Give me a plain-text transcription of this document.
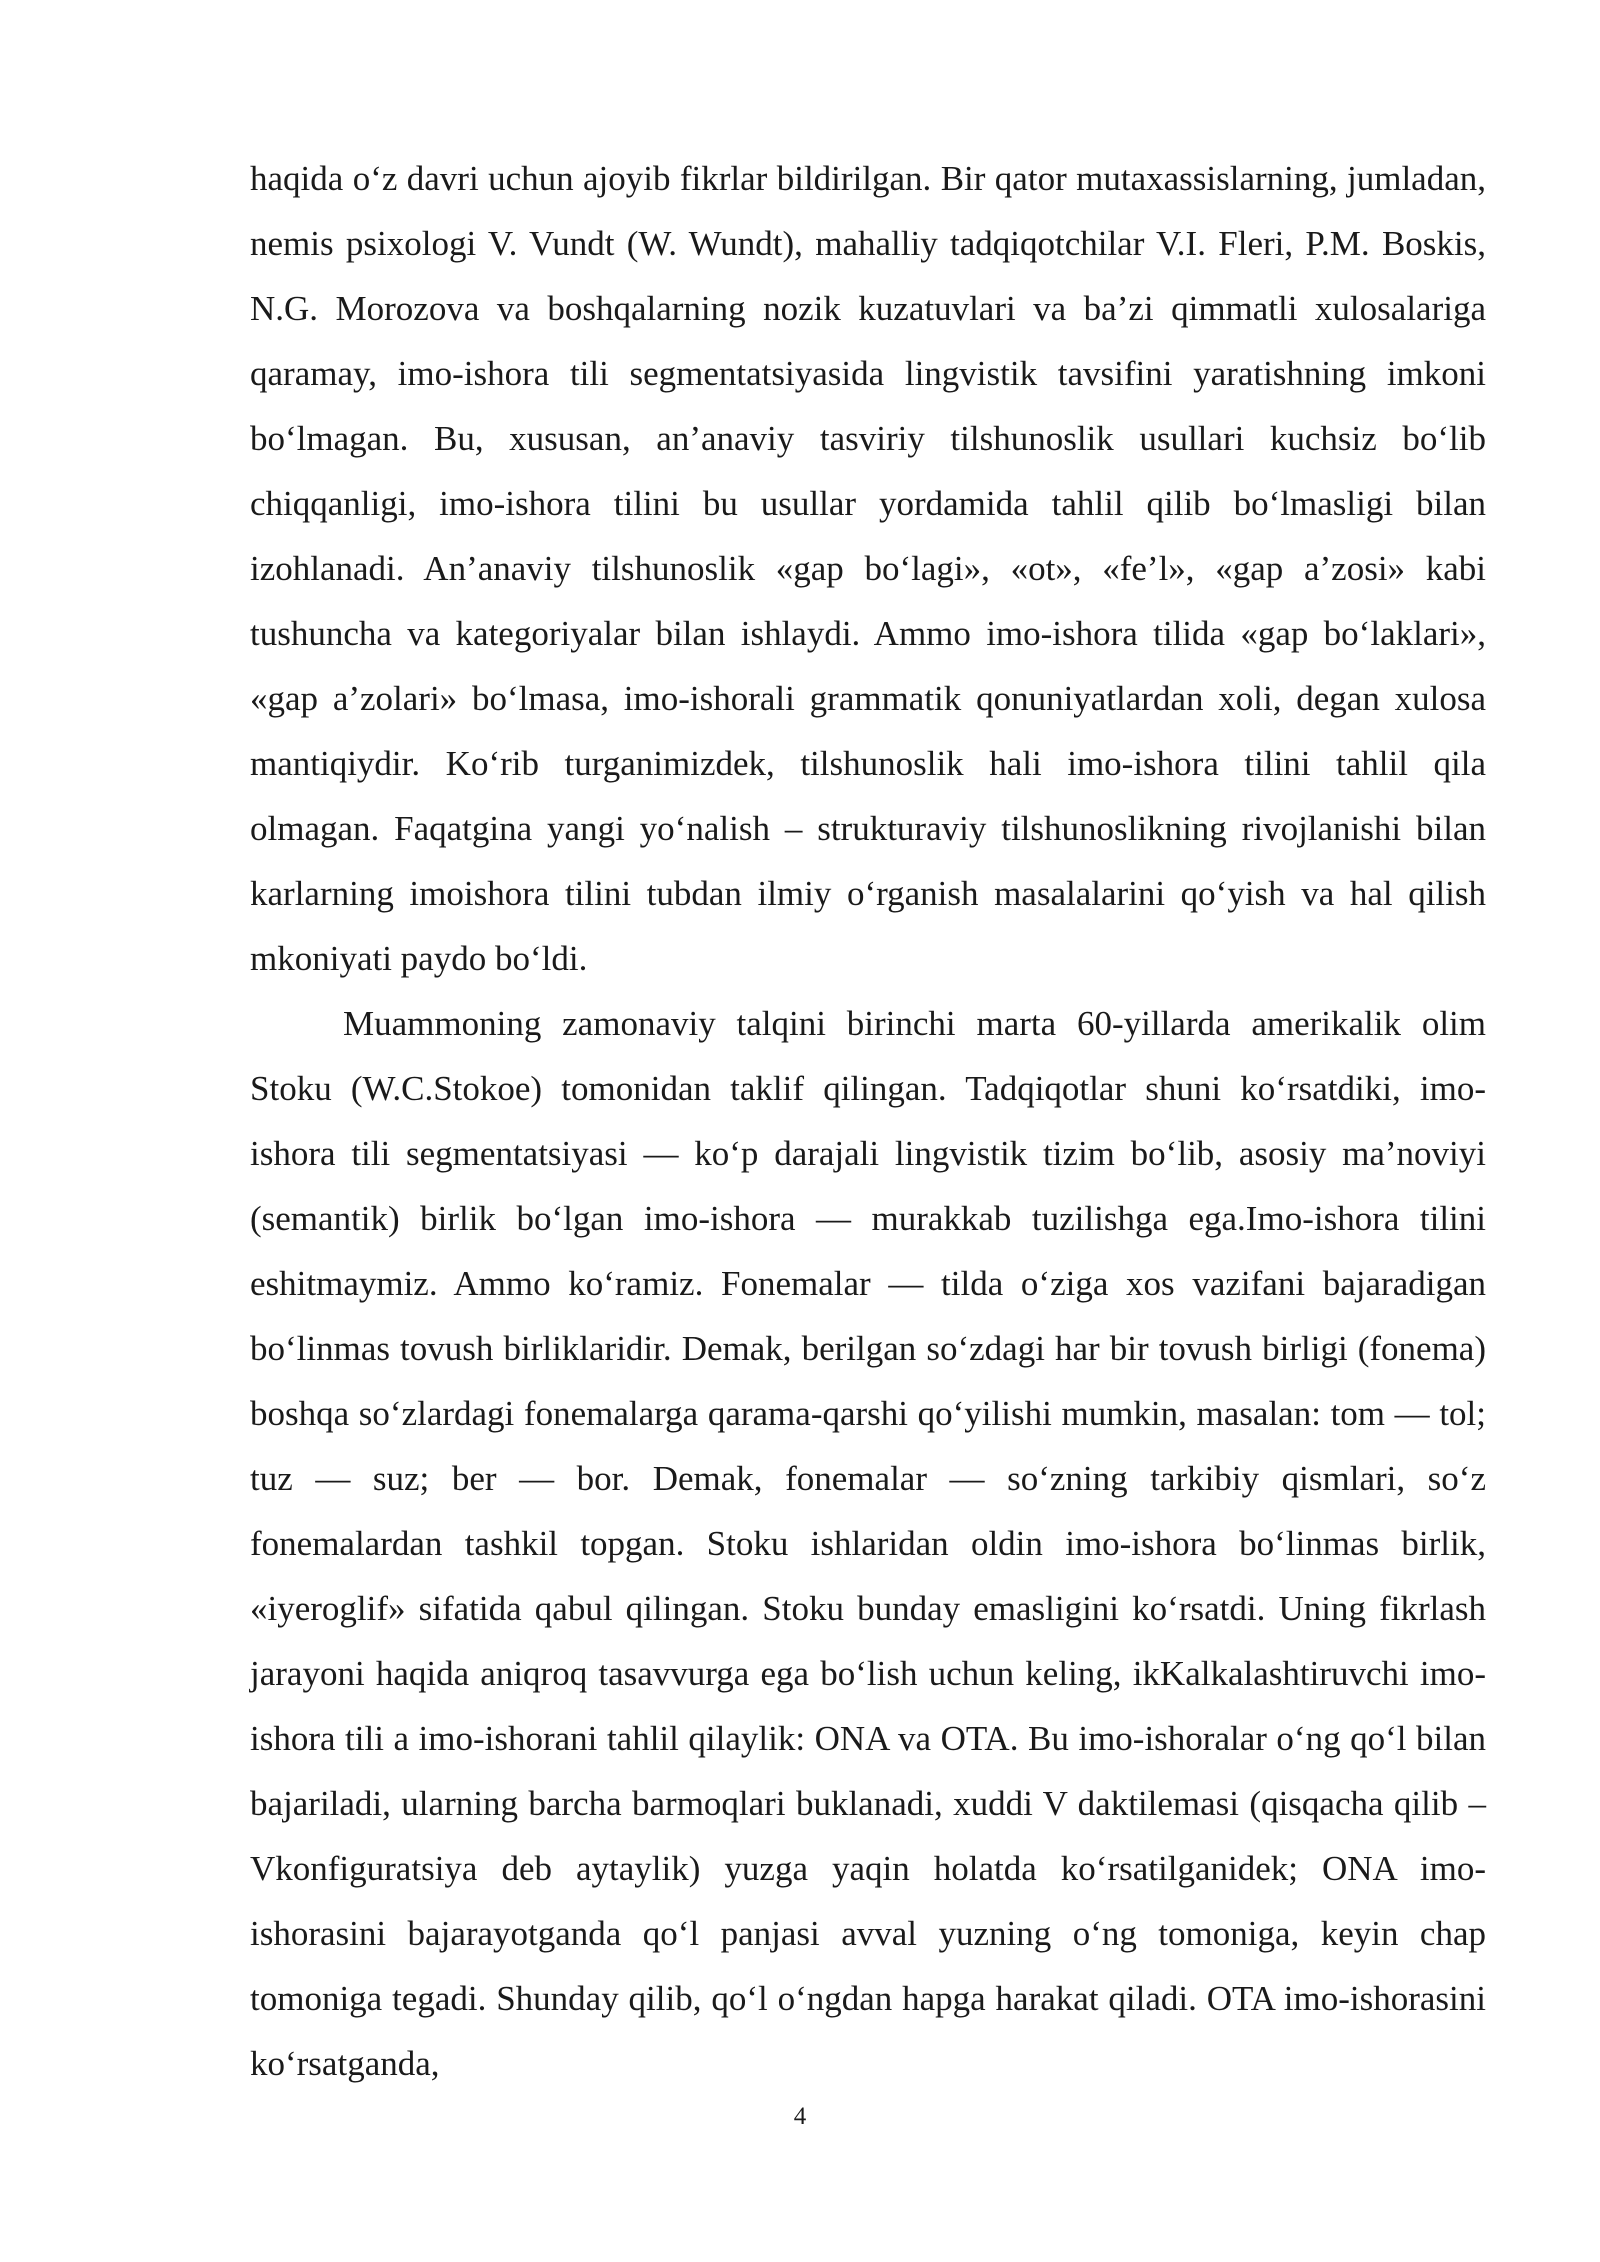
haqida o‘z davri uchun ajoyib fikrlar bildirilgan. Bir qator mutaxassislarning, jumladan, nemis psixologi V. Vundt (W. Wundt), mahalliy tadqiqotchilar V.I. Fleri, P.M. Boskis, N.G. Morozova va boshqalarning nozik kuzatuvlari va ba’zi qimmatli xulosalariga qaramay, imo-ishora tili segmentatsiyasida lingvistik tavsifini yaratishning imkoni bo‘lmagan. Bu, xususan, an’anaviy tasviriy tilshunoslik usullari kuchsiz bo‘lib chiqqanligi, imo-ishora tilini bu usullar yordamida tahlil qilib bo‘lmasligi bilan izohlanadi. An’anaviy tilshunoslik «gap bo‘lagi», «ot», «fe’l», «gap a’zosi» kabi tushuncha va kategoriyalar bilan ishlaydi. Ammo imo-ishora tilida «gap bo‘laklari», «gap a’zolari» bo‘lmasa, imo-ishorali grammatik qonuniyatlardan xoli, degan xulosa mantiqiydir. Ko‘rib turganimizdek, tilshunoslik hali imo-ishora tilini tahlil qila olmagan. Faqatgina yangi yo‘nalish – strukturaviy tilshunoslikning rivojlanishi bilan karlarning imoishora tilini tubdan ilmiy o‘rganish masalalarini qo‘yish va hal qilish mkoniyati paydo bo‘ldi.

Muammoning zamonaviy talqini birinchi marta 60-yillarda amerikalik olim Stoku (W.C.Stokoe) tomonidan taklif qilingan. Tadqiqotlar shuni ko‘rsatdiki, imo-ishora tili segmentatsiyasi — ko‘p darajali lingvistik tizim bo‘lib, asosiy ma’noviyi (semantik) birlik bo‘lgan imo-ishora — murakkab tuzilishga ega.Imo-ishora tilini eshitmaymiz. Ammo ko‘ramiz. Fonemalar — tilda o‘ziga xos vazifani bajaradigan bo‘linmas tovush birliklaridir. Demak, berilgan so‘zdagi har bir tovush birligi (fonema) boshqa so‘zlardagi fonemalarga qarama-qarshi qo‘yilishi mumkin, masalan: tom — tol; tuz — suz; ber — bor. Demak, fonemalar — so‘zning tarkibiy qismlari, so‘z fonemalardan tashkil topgan. Stoku ishlaridan oldin imo-ishora bo‘linmas birlik, «iyeroglif» sifatida qabul qilingan. Stoku bunday emasligini ko‘rsatdi. Uning fikrlash jarayoni haqida aniqroq tasavvurga ega bo‘lish uchun keling, ikKalkalashtiruvchi imo-ishora tili a imo-ishorani tahlil qilaylik: ONA va OTA. Bu imo-ishoralar o‘ng qo‘l bilan bajariladi, ularning barcha barmoqlari buklanadi, xuddi V daktilemasi (qisqacha qilib – Vkonfiguratsiya deb aytaylik) yuzga yaqin holatda ko‘rsatilganidek; ONA imo-ishorasini bajarayotganda qo‘l panjasi avval yuzning o‘ng tomoniga, keyin chap tomoniga tegadi. Shunday qilib, qo‘l o‘ngdan hapga harakat qiladi. OTA imo-ishorasini ko‘rsatganda,

4
